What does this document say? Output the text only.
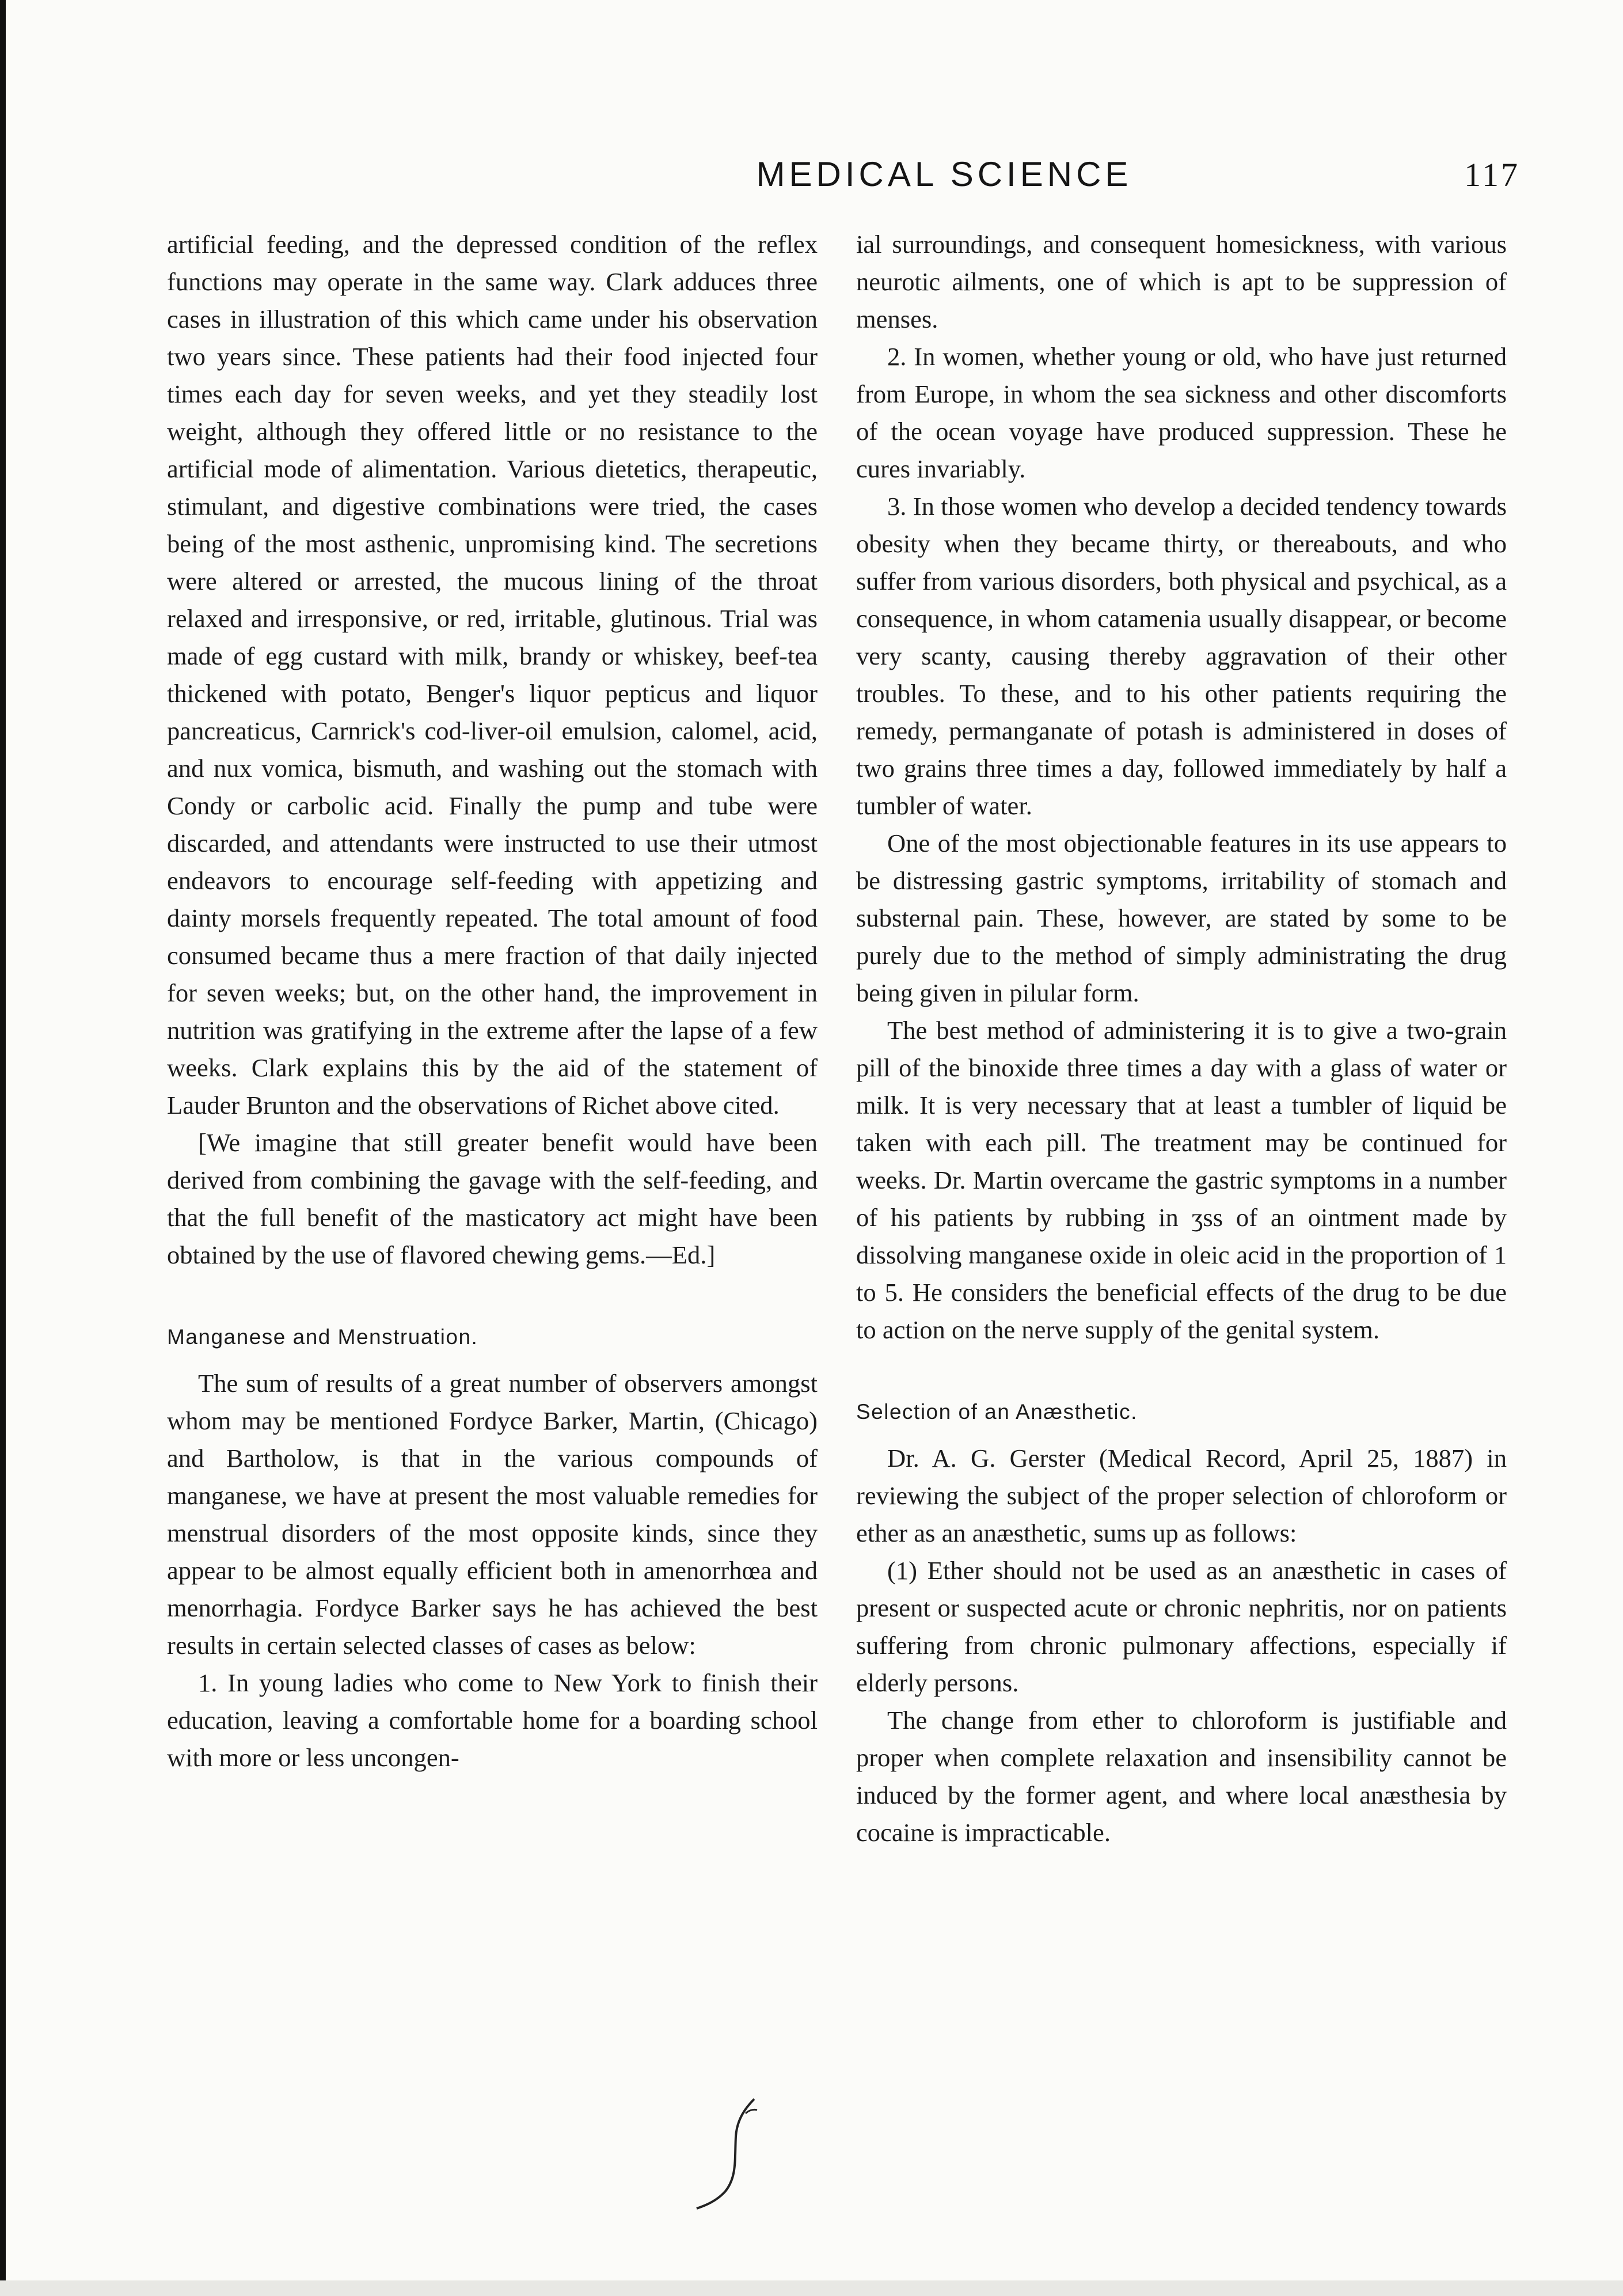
MEDICAL SCIENCE	117

artificial feeding, and the depressed condition of the reflex functions may operate in the same way. Clark adduces three cases in illustration of this which came under his observation two years since. These patients had their food injected four times each day for seven weeks, and yet they steadily lost weight, although they offered little or no resistance to the artificial mode of alimentation. Various dietetics, therapeutic, stimulant, and digestive combinations were tried, the cases being of the most asthenic, unpromising kind. The secretions were altered or arrested, the mucous lining of the throat relaxed and irresponsive, or red, irritable, glutinous. Trial was made of egg custard with milk, brandy or whiskey, beef-tea thickened with potato, Benger's liquor pepticus and liquor pancreaticus, Carnrick's cod-liver-oil emulsion, calomel, acid, and nux vomica, bismuth, and washing out the stomach with Condy or carbolic acid. Finally the pump and tube were discarded, and attendants were instructed to use their utmost endeavors to encourage self-feeding with appetizing and dainty morsels frequently repeated. The total amount of food consumed became thus a mere fraction of that daily injected for seven weeks; but, on the other hand, the improvement in nutrition was gratifying in the extreme after the lapse of a few weeks. Clark explains this by the aid of the statement of Lauder Brunton and the observations of Richet above cited.

[We imagine that still greater benefit would have been derived from combining the gavage with the self-feeding, and that the full benefit of the masticatory act might have been obtained by the use of flavored chewing gems.—Ed.]

Manganese and Menstruation.

The sum of results of a great number of observers amongst whom may be mentioned Fordyce Barker, Martin, (Chicago) and Bartholow, is that in the various compounds of manganese, we have at present the most valuable remedies for menstrual disorders of the most opposite kinds, since they appear to be almost equally efficient both in amenorrhœa and menorrhagia. Fordyce Barker says he has achieved the best results in certain selected classes of cases as below:

1. In young ladies who come to New York to finish their education, leaving a comfortable home for a boarding school with more or less uncongen-

ial surroundings, and consequent homesickness, with various neurotic ailments, one of which is apt to be suppression of menses.

2. In women, whether young or old, who have just returned from Europe, in whom the sea sickness and other discomforts of the ocean voyage have produced suppression. These he cures invariably.

3. In those women who develop a decided tendency towards obesity when they became thirty, or thereabouts, and who suffer from various disorders, both physical and psychical, as a consequence, in whom catamenia usually disappear, or become very scanty, causing thereby aggravation of their other troubles. To these, and to his other patients requiring the remedy, permanganate of potash is administered in doses of two grains three times a day, followed immediately by half a tumbler of water.

One of the most objectionable features in its use appears to be distressing gastric symptoms, irritability of stomach and substernal pain. These, however, are stated by some to be purely due to the method of simply administrating the drug being given in pilular form.

The best method of administering it is to give a two-grain pill of the binoxide three times a day with a glass of water or milk. It is very necessary that at least a tumbler of liquid be taken with each pill. The treatment may be continued for weeks. Dr. Martin overcame the gastric symptoms in a number of his patients by rubbing in ʒss of an ointment made by dissolving manganese oxide in oleic acid in the proportion of 1 to 5. He considers the beneficial effects of the drug to be due to action on the nerve supply of the genital system.

Selection of an Anæsthetic.

Dr. A. G. Gerster (Medical Record, April 25, 1887) in reviewing the subject of the proper selection of chloroform or ether as an anæsthetic, sums up as follows:

(1) Ether should not be used as an anæsthetic in cases of present or suspected acute or chronic nephritis, nor on patients suffering from chronic pulmonary affections, especially if elderly persons.

The change from ether to chloroform is justifiable and proper when complete relaxation and insensibility cannot be induced by the former agent, and where local anæsthesia by cocaine is impracticable.
